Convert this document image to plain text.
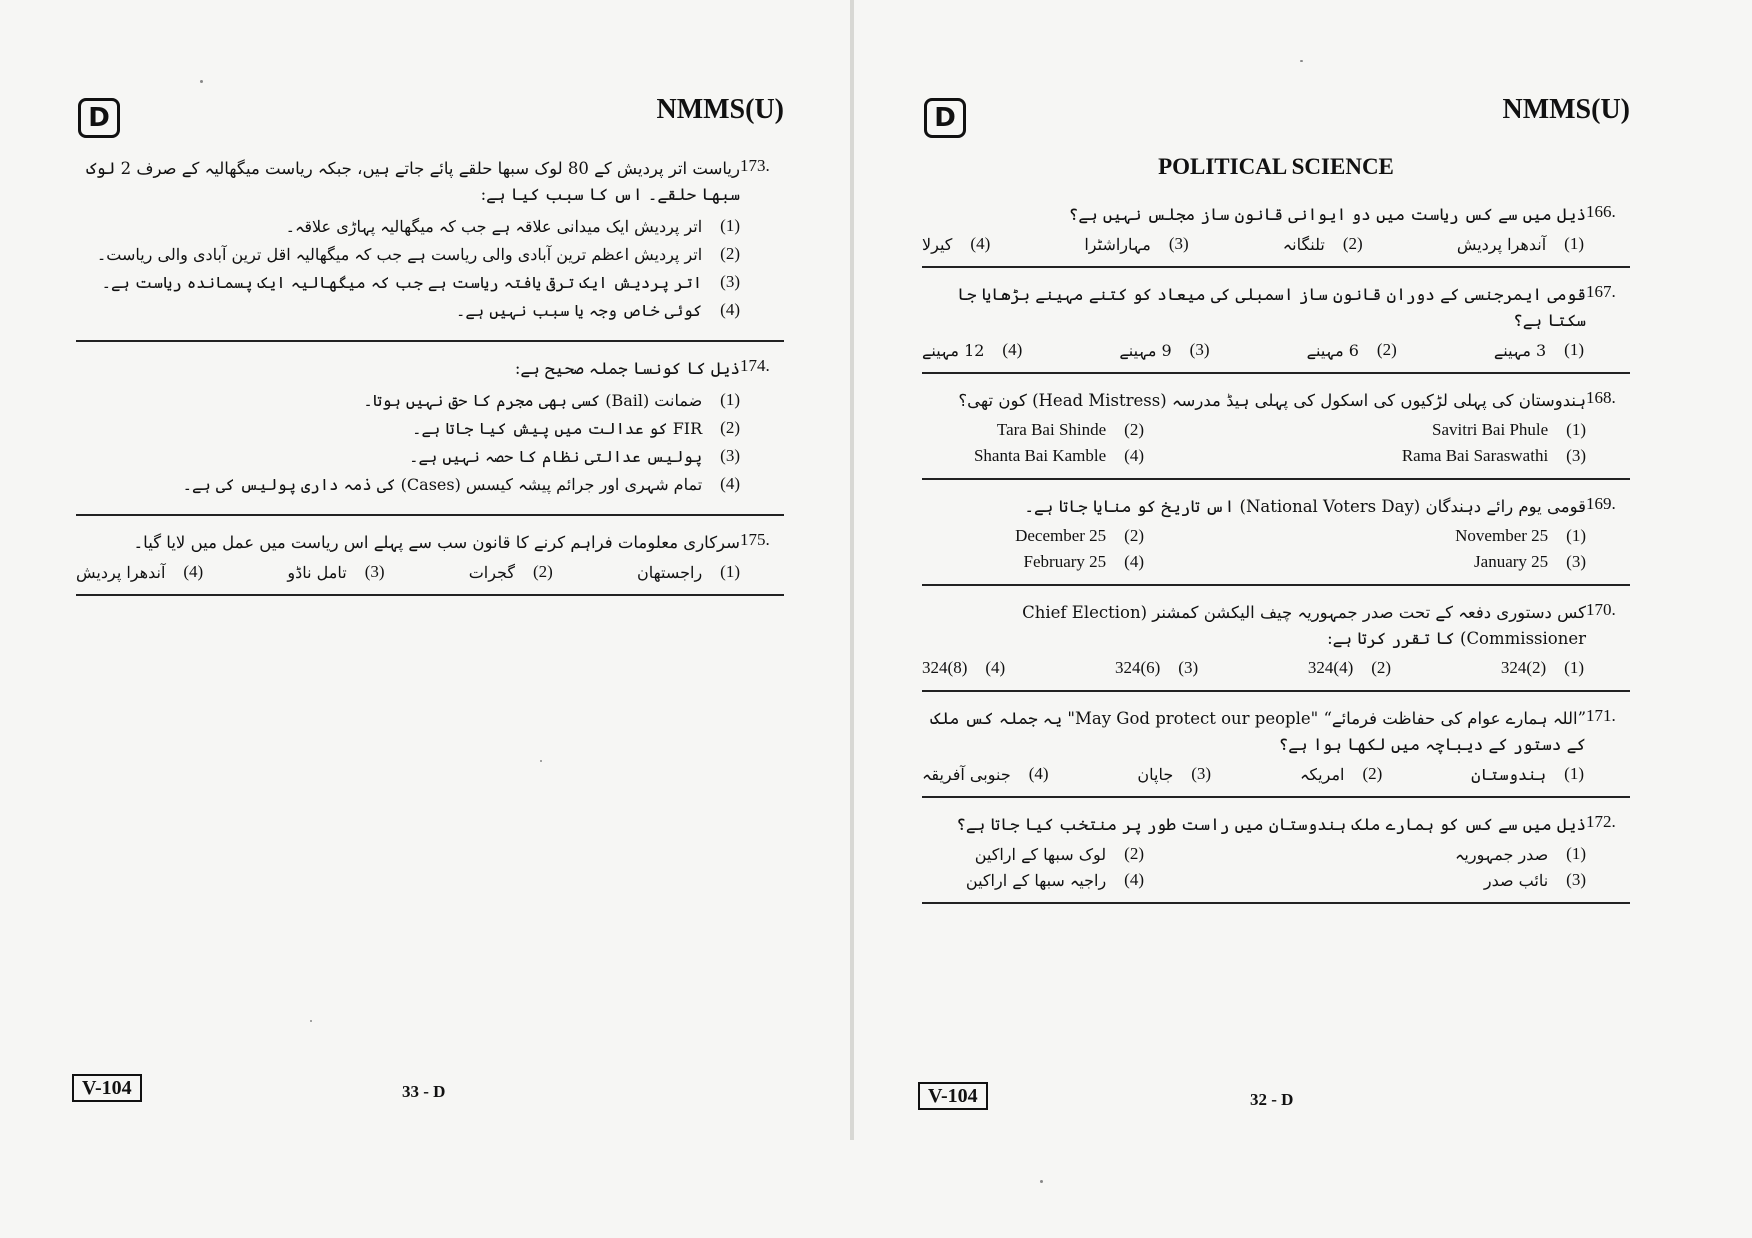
D	NMMS(U)
173.
ریاست اتر پردیش کے 80 لوک سبھا حلقے پائے جاتے ہیں، جبکہ ریاست میگھالیہ کے صرف 2 لوک سبھا حلقے۔ اس کا سبب کیا ہے:
(1)
اتر پردیش ایک میدانی علاقہ ہے جب کہ میگھالیہ پہاڑی علاقہ۔
(2)
اتر پردیش اعظم ترین آبادی والی ریاست ہے جب کہ میگھالیہ اقل ترین آبادی والی ریاست۔
(3)
اتر پردیش ایک ترقی یافتہ ریاست ہے جب کہ میگھالیہ ایک پسماندہ ریاست ہے۔
(4)
کوئی خاص وجہ یا سبب نہیں ہے۔
174.
ذیل کا کونسا جملہ صحیح ہے:
(1)
ضمانت (Bail) کسی بھی مجرم کا حق نہیں ہوتا۔
(2)
FIR کو عدالت میں پیش کیا جاتا ہے۔
(3)
پولیس عدالتی نظام کا حصہ نہیں ہے۔
(4)
تمام شہری اور جرائم پیشہ کیسس (Cases) کی ذمہ داری پولیس کی ہے۔
175.
سرکاری معلومات فراہم کرنے کا قانون سب سے پہلے اس ریاست میں عمل میں لایا گیا۔
(1)
راجستھان
(2)
گجرات
(3)
تامل ناڈو
(4)
آندھرا پردیش
V-104	33 - D
D	NMMS(U)
POLITICAL SCIENCE
166.
ذیل میں سے کس ریاست میں دو ایوانی قانون ساز مجلس نہیں ہے؟
(1)
آندھرا پردیش
(2)
تلنگانہ
(3)
مہاراشٹرا
(4)
کیرلا
167.
قومی ایمرجنسی کے دوران قانون ساز اسمبلی کی میعاد کو کتنے مہینے بڑھایا جا سکتا ہے؟
(1)
3 مہینے
(2)
6 مہینے
(3)
9 مہینے
(4)
12 مہینے
168.
ہندوستان کی پہلی لڑکیوں کی اسکول کی پہلی ہیڈ مدرسہ (Head Mistress) کون تھی؟
(1)
Savitri Bai Phule
(2)
Tara Bai Shinde
(3)
Rama Bai Saraswathi
(4)
Shanta Bai Kamble
169.
قومی یوم رائے دہندگان (National Voters Day) اس تاریخ کو منایا جاتا ہے۔
(1)
November 25
(2)
December 25
(3)
January 25
(4)
February 25
170.
کس دستوری دفعہ کے تحت صدر جمہوریہ چیف الیکشن کمشنر (Chief Election Commissioner) کا تقرر کرتا ہے:
(1)
324(2)
(2)
324(4)
(3)
324(6)
(4)
324(8)
171.
”اللہ ہمارے عوام کی حفاظت فرمائے“ "May God protect our people" یہ جملہ کس ملک کے دستور کے دیباچہ میں لکھا ہوا ہے؟
(1)
ہندوستان
(2)
امریکہ
(3)
جاپان
(4)
جنوبی آفریقہ
172.
ذیل میں سے کس کو ہمارے ملک ہندوستان میں راست طور پر منتخب کیا جاتا ہے؟
(1)
صدر جمہوریہ
(2)
لوک سبھا کے اراکین
(3)
نائب صدر
(4)
راجیہ سبھا کے اراکین
V-104	32 - D
